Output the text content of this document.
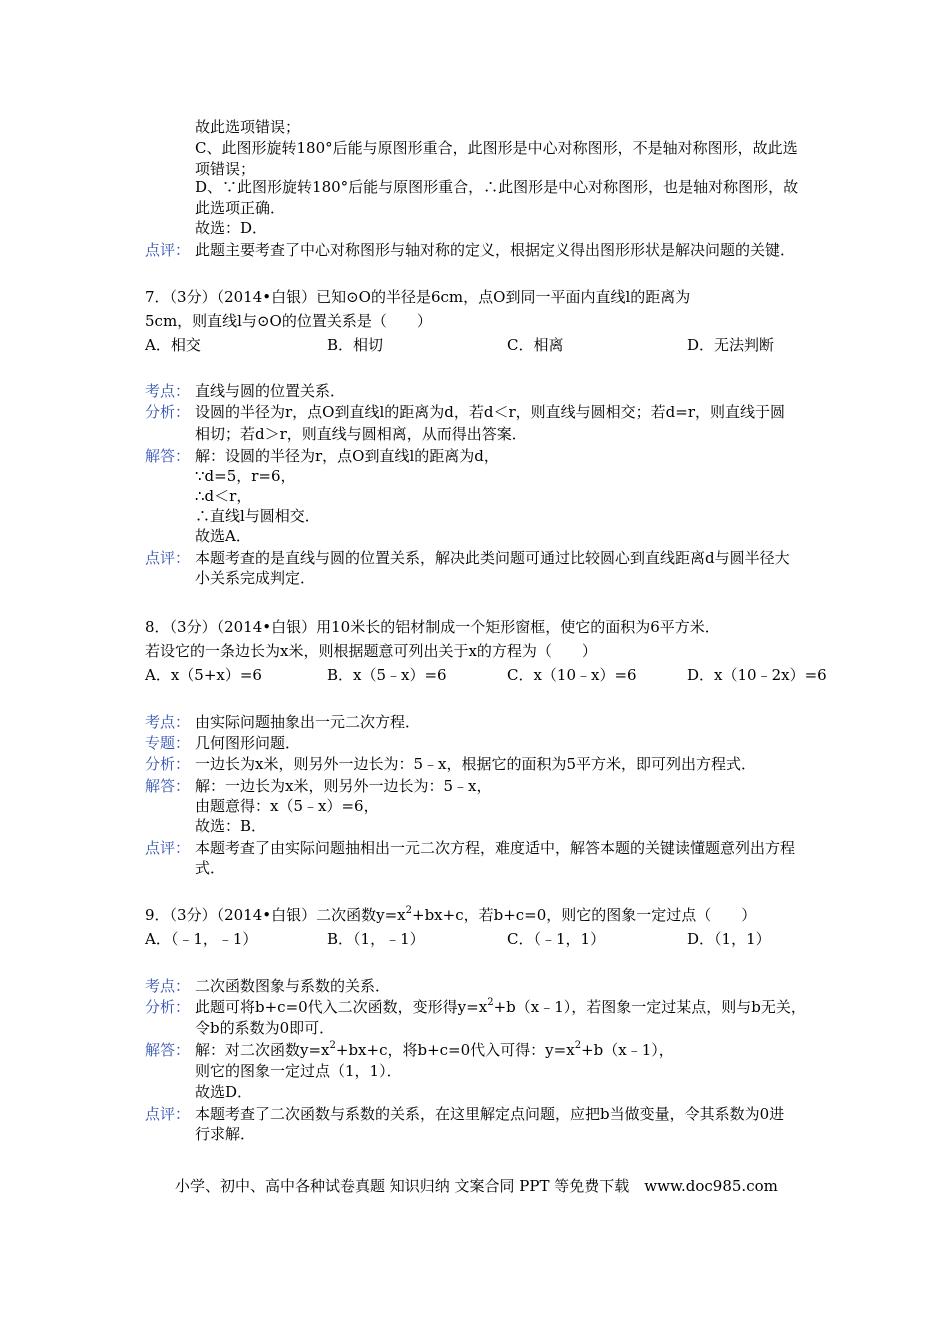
故此选项错误；
C、此图形旋转180°后能与原图形重合，此图形是中心对称图形，不是轴对称图形，故此选
项错误；
D、∵此图形旋转180°后能与原图形重合，∴此图形是中心对称图形，也是轴对称图形，故
此选项正确．
故选：D．
点评： 此题主要考查了中心对称图形与轴对称的定义，根据定义得出图形形状是解决问题的关键．
7．（3分）（2014•白银）已知⊙O的半径是6cm，点O到同一平面内直线l的距离为
5cm，则直线l与⊙O的位置关系是（　　）
A．相交	B．相切	C．相离	D．无法判断
考点： 直线与圆的位置关系．
分析： 设圆的半径为r，点O到直线l的距离为d，若d＜r，则直线与圆相交；若d=r，则直线于圆
相切；若d＞r，则直线与圆相离，从而得出答案．
解答： 解：设圆的半径为r，点O到直线l的距离为d，
∵d=5，r=6，
∴d＜r，
∴直线l与圆相交．
故选A．
点评： 本题考查的是直线与圆的位置关系，解决此类问题可通过比较圆心到直线距离d与圆半径大
小关系完成判定．
8．（3分）（2014•白银）用10米长的铝材制成一个矩形窗框，使它的面积为6平方米．
若设它的一条边长为x米，则根据题意可列出关于x的方程为（　　）
A．x（5+x）=6	B．x（5﹣x）=6	C．x（10﹣x）=6	D．x（10﹣2x）=6
考点： 由实际问题抽象出一元二次方程．
专题： 几何图形问题．
分析： 一边长为x米，则另外一边长为：5﹣x，根据它的面积为5平方米，即可列出方程式．
解答： 解：一边长为x米，则另外一边长为：5﹣x，
由题意得：x（5﹣x）=6，
故选：B．
点评： 本题考查了由实际问题抽相出一元二次方程，难度适中，解答本题的关键读懂题意列出方程
式．
9．（3分）（2014•白银）二次函数$y=x^2+bx+c$，若b+c=0，则它的图象一定过点（　　）
A．（﹣1，﹣1）	B．（1，﹣1）	C．（﹣1，1）	D．（1，1）
考点： 二次函数图象与系数的关系．
分析： 此题可将b+c=0代入二次函数，变形得$y=x^2+b(x﹣1)$，若图象一定过某点，则与b无关，
令b的系数为0即可．
解答： 解：对二次函数$y=x^2+bx+c$，将b+c=0代入可得：$y=x^2+b(x﹣1)$，
则它的图象一定过点（1，1）．
故选D．
点评： 本题考查了二次函数与系数的关系，在这里解定点问题，应把b当做变量，令其系数为0进
行求解．
小学、初中、高中各种试卷真题 知识归纳 文案合同 PPT 等免费下载　www.doc985.com
